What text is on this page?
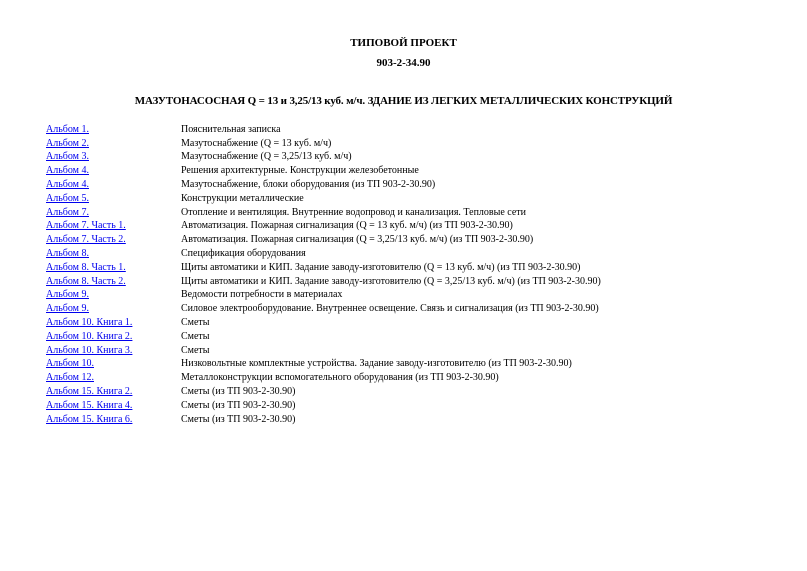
ТИПОВОЙ ПРОЕКТ
903-2-34.90
МАЗУТОНАСОСНАЯ Q = 13 и 3,25/13 куб. м/ч. ЗДАНИЕ ИЗ ЛЕГКИХ МЕТАЛЛИЧЕСКИХ КОНСТРУКЦИЙ
Альбом 1.	Пояснительная записка
Альбом 2.	Мазутоснабжение (Q = 13 куб. м/ч)
Альбом 3.	Мазутоснабжение (Q = 3,25/13 куб. м/ч)
Альбом 4.	Решения архитектурные. Конструкции железобетонные
Альбом 4.	Мазутоснабжение, блоки оборудования (из ТП 903-2-30.90)
Альбом 5.	Конструкции металлические
Альбом 7.	Отопление и вентиляция. Внутренние водопровод и канализация. Тепловые сети
Альбом 7. Часть 1.	Автоматизация. Пожарная сигнализация (Q = 13 куб. м/ч) (из ТП 903-2-30.90)
Альбом 7. Часть 2.	Автоматизация. Пожарная сигнализация (Q = 3,25/13 куб. м/ч) (из ТП 903-2-30.90)
Альбом 8.	Спецификация оборудования
Альбом 8. Часть 1.	Щиты автоматики и КИП. Задание заводу-изготовителю (Q = 13 куб. м/ч) (из ТП 903-2-30.90)
Альбом 8. Часть 2.	Щиты автоматики и КИП. Задание заводу-изготовителю (Q = 3,25/13 куб. м/ч) (из ТП 903-2-30.90)
Альбом 9.	Ведомости потребности в материалах
Альбом 9.	Силовое электрооборудование. Внутреннее освещение. Связь и сигнализация (из ТП 903-2-30.90)
Альбом 10. Книга 1.	Сметы
Альбом 10. Книга 2.	Сметы
Альбом 10. Книга 3.	Сметы
Альбом 10.	Низковольтные комплектные устройства. Задание заводу-изготовителю (из ТП 903-2-30.90)
Альбом 12.	Металлоконструкции вспомогательного оборудования (из ТП 903-2-30.90)
Альбом 15. Книга 2.	Сметы (из ТП 903-2-30.90)
Альбом 15. Книга 4.	Сметы (из ТП 903-2-30.90)
Альбом 15. Книга 6.	Сметы (из ТП 903-2-30.90)
